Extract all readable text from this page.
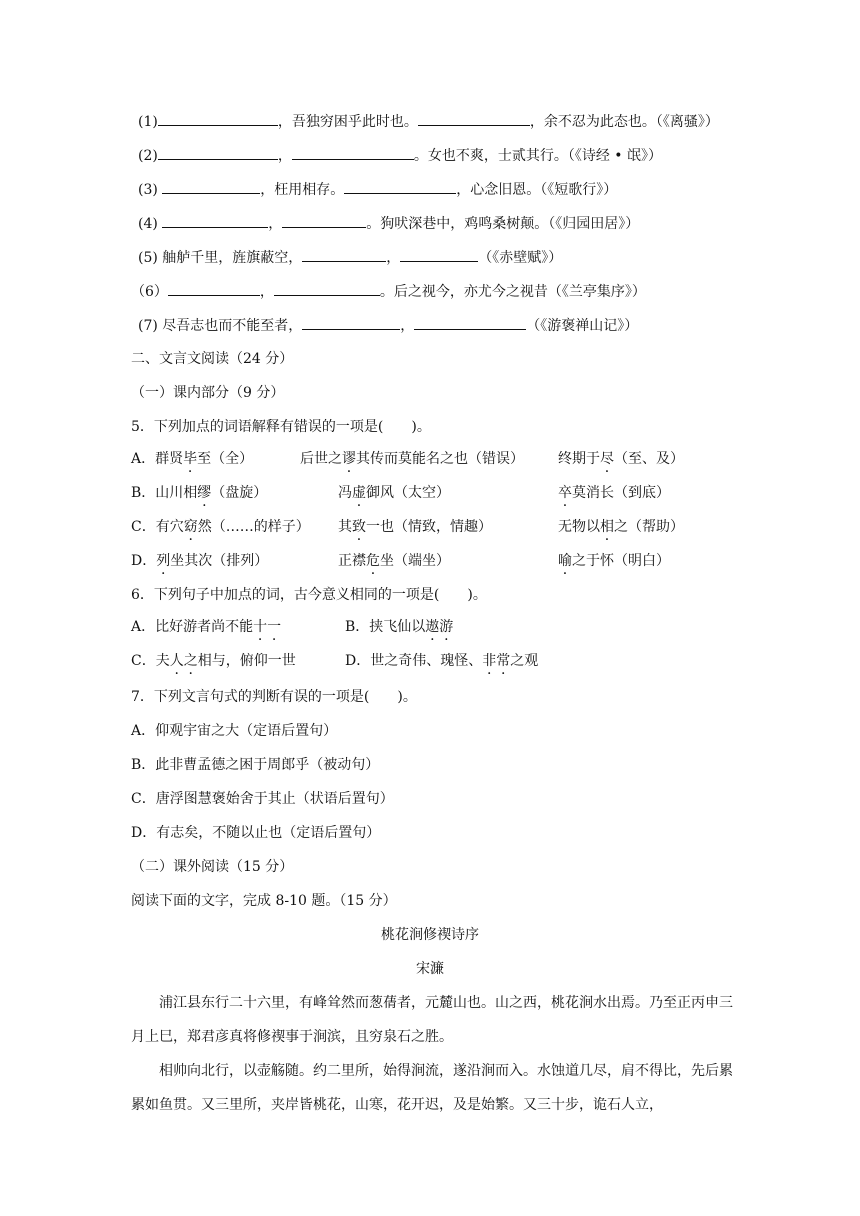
(1)	，吾独穷困乎此时也。	，余不忍为此态也。（《离骚》）
(2)	，	。女也不爽，士贰其行。（《诗经 • 氓》）
(3)	，枉用相存。	，心念旧恩。（《短歌行》）
(4)	，	。狗吠深巷中，鸡鸣桑树颠。（《归园田居》）
(5) 舳舻千里，旌旗蔽空，	，	（《赤壁赋》）
（6）	，	。后之视今，亦尤今之视昔（《兰亭集序》）
(7) 尽吾志也而不能至者，	，	（《游褒禅山记》）
二、文言文阅读（24 分）
（一）课内部分（9 分）
5．下列加点的词语解释有错误的一项是(　　)。
A．群贤毕至（全）	后世之谬其传而莫能名之也（错误） 终期于尽（至、及）
B．山川相缪（盘旋）	冯虚御风（太空）	卒莫消长（到底）
C．有穴窈然（……的样子） 其致一也（情致，情趣）	无物以相之（帮助）
D．列坐其次（排列）	正襟危坐（端坐）	喻之于怀（明白）
6．下列句子中加点的词，古今意义相同的一项是(　　)。
A．比好游者尚不能十一	B．挟飞仙以遨游
C．夫人之相与，俯仰一世	D．世之奇伟、瑰怪、非常之观
7．下列文言句式的判断有误的一项是(　　)。
A．仰观宇宙之大（定语后置句）
B．此非曹孟德之困于周郎乎（被动句）
C．唐浮图慧褒始舍于其止（状语后置句）
D．有志矣，不随以止也（定语后置句）
（二）课外阅读（15 分）
阅读下面的文字，完成 8-10 题。（15 分）
桃花涧修禊诗序
宋濂
浦江县东行二十六里，有峰耸然而葱蒨者，元麓山也。山之西，桃花涧水出焉。乃至正丙申三月上巳，郑君彦真将修禊事于涧滨，且穷泉石之胜。
相帅向北行，以壶觞随。约二里所，始得涧流，遂沿涧而入。水蚀道几尽，肩不得比，先后累累如鱼贯。又三里所，夹岸皆桃花，山寒，花开迟，及是始繁。又三十步，诡石人立，
